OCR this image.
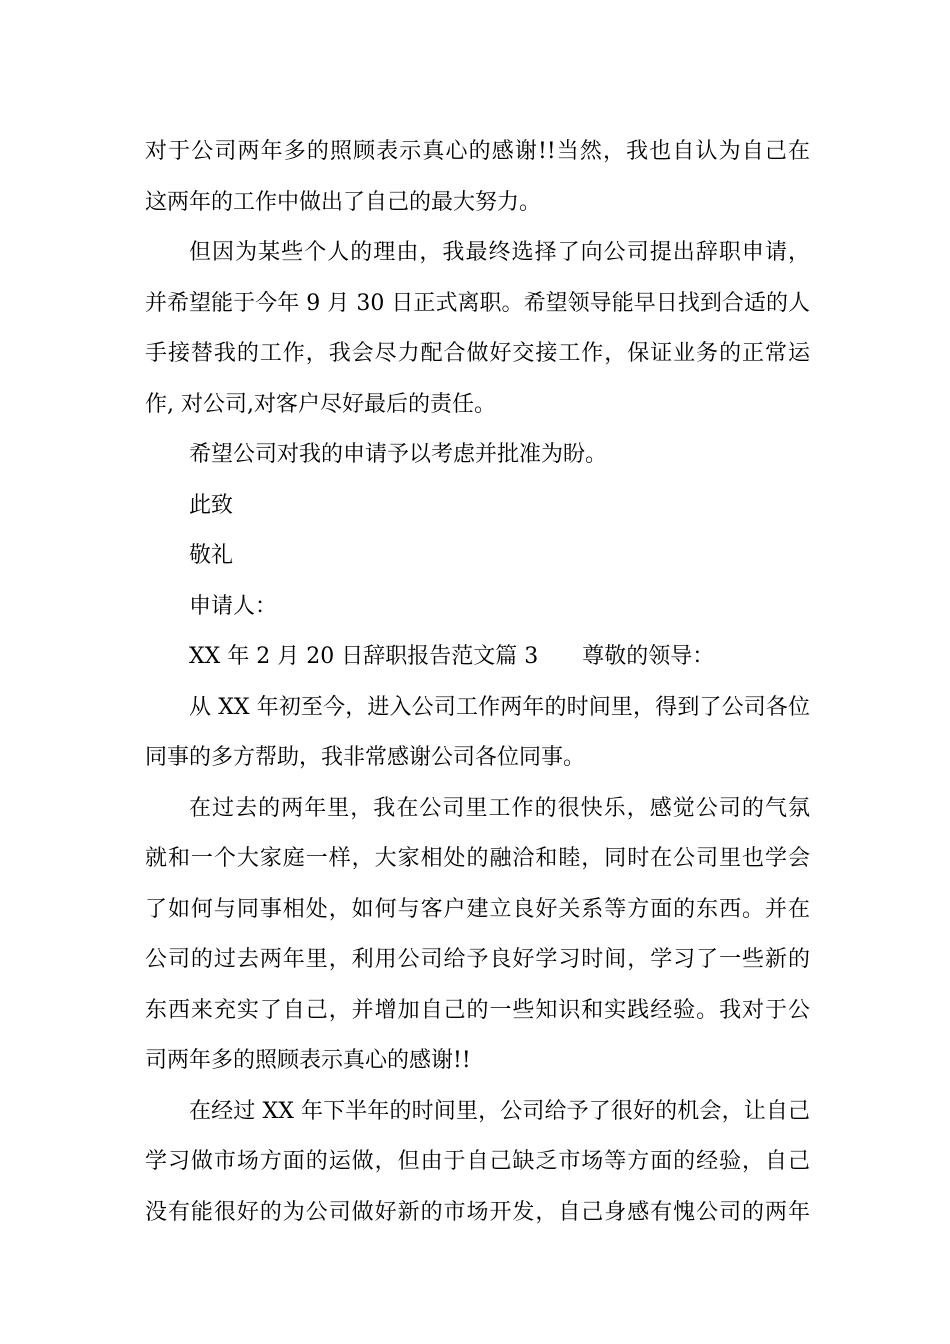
对于公司两年多的照顾表示真心的感谢!!当然，我也自认为自己在
这两年的工作中做出了自己的最大努力。
但因为某些个人的理由，我最终选择了向公司提出辞职申请，
并希望能于今年 9 月 30 日正式离职。希望领导能早日找到合适的人
手接替我的工作，我会尽力配合做好交接工作，保证业务的正常运
作, 对公司,对客户尽好最后的责任。
希望公司对我的申请予以考虑并批准为盼。
此致
敬礼
申请人：
XX 年 2 月 20 日辞职报告范文篇 3　　尊敬的领导：
从 XX 年初至今，进入公司工作两年的时间里，得到了公司各位
同事的多方帮助，我非常感谢公司各位同事。
在过去的两年里，我在公司里工作的很快乐，感觉公司的气氛
就和一个大家庭一样，大家相处的融洽和睦，同时在公司里也学会
了如何与同事相处，如何与客户建立良好关系等方面的东西。并在
公司的过去两年里，利用公司给予良好学习时间，学习了一些新的
东西来充实了自己，并增加自己的一些知识和实践经验。我对于公
司两年多的照顾表示真心的感谢!!
在经过 XX 年下半年的时间里，公司给予了很好的机会，让自己
学习做市场方面的运做，但由于自己缺乏市场等方面的经验，自己
没有能很好的为公司做好新的市场开发，自己身感有愧公司的两年
